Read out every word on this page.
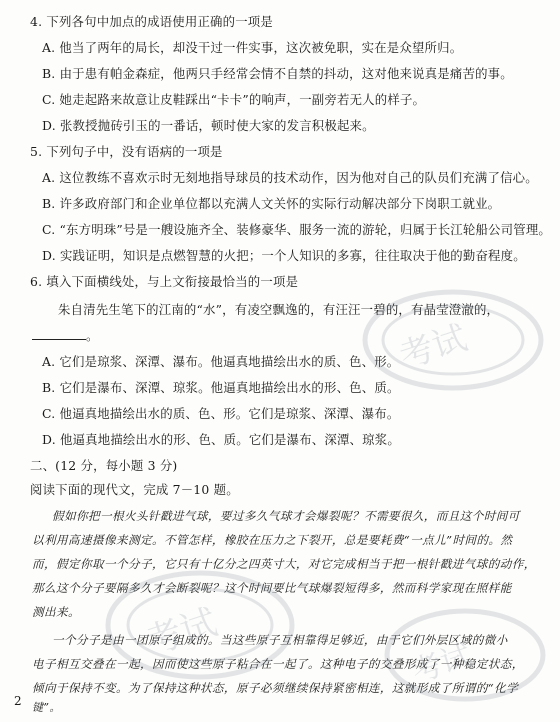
4. 下列各句中加点的成语使用正确的一项是
A. 他当了两年的局长，却没干过一件实事，这次被免职，实在是众望所归。
B. 由于患有帕金森症，他两只手经常会情不自禁的抖动，这对他来说真是痛苦的事。
C. 她走起路来故意让皮鞋踩出“卡卡”的响声，一副旁若无人的样子。
D. 张教授抛砖引玉的一番话，顿时使大家的发言积极起来。
5. 下列句子中，没有语病的一项是
A. 这位教练不喜欢示时无刻地指导球员的技术动作，因为他对自己的队员们充满了信心。
B. 许多政府部门和企业单位都以充满人文关怀的实际行动解决部分下岗职工就业。
C. “东方明珠”号是一艘设施齐全、装修豪华、服务一流的游轮，归属于长江轮船公司管理。
D. 实践证明，知识是点燃智慧的火把；一个人知识的多寡，往往取决于他的勤奋程度。
6. 填入下面横线处，与上文衔接最恰当的一项是
朱自清先生笔下的江南的“水”，有凌空飘逸的，有汪汪一碧的，有晶莹澄澈的，
。
A. 它们是琼浆、深潭、瀑布。他逼真地描绘出水的质、色、形。
B. 它们是瀑布、深潭、琼浆。他逼真地描绘出水的形、色、质。
C. 他逼真地描绘出水的质、色、形。它们是琼浆、深潭、瀑布。
D. 他逼真地描绘出水的形、色、质。它们是瀑布、深潭、琼浆。
二、(12 分，每小题 3 分)
阅读下面的现代文，完成 7－10 题。
假如你把一根火头针戳进气球，要过多久气球才会爆裂呢？不需要很久，而且这个时间可
以利用高速摄像来测定。不管怎样，橡胶在压力之下裂开，总是要耗费“一点儿”时间的。然
而，假定你取一个分子，它只有十亿分之四英寸大，对它完成相当于把一根针戳进气球的动作，
那么这个分子要隔多久才会断裂呢？这个时间要比气球爆裂短得多，然而科学家现在照样能
测出来。
一个分子是由一团原子组成的。当这些原子互相靠得足够近，由于它们外层区域的微小
电子相互交叠在一起，因而使这些原子粘合在一起了。这种电子的交叠形成了一种稳定状态，
倾向于保持不变。为了保持这种状态，原子必须继续保持紧密相连，这就形成了所谓的“化学
键”。
2
考试
考试
考试
